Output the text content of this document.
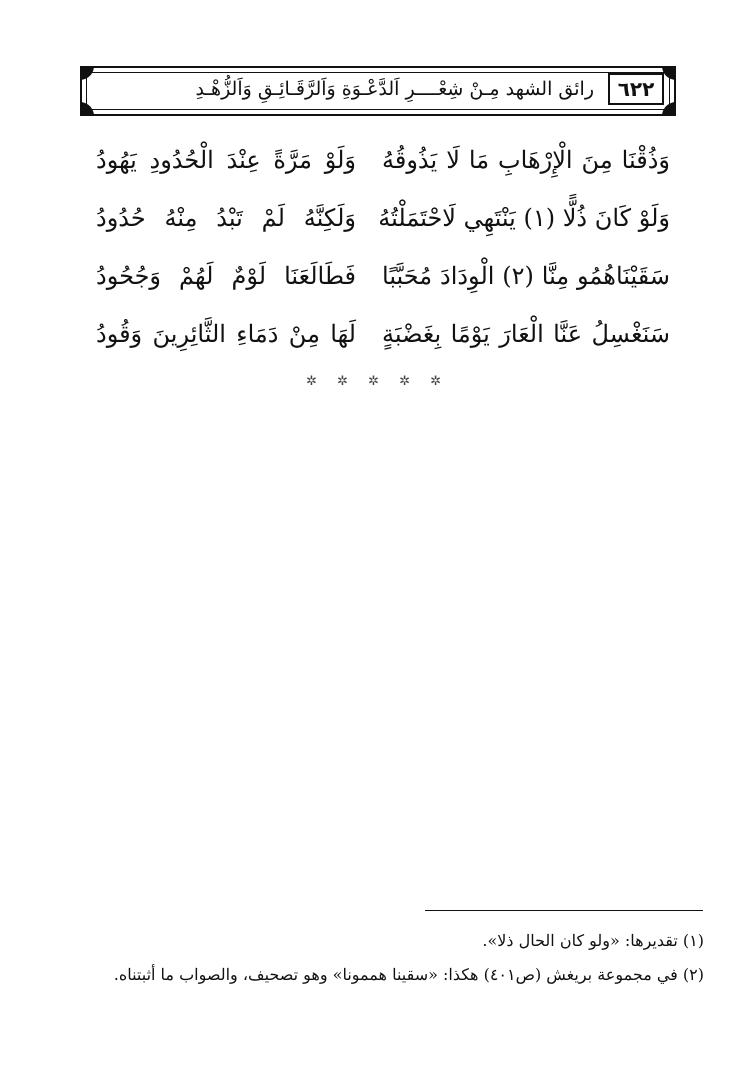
٦٢٢
رائق الشهد مِـنْ شِعْــــرِ اَلدَّعْـوَةِ وَاَلرَّقَـائِـقِ وَاَلزُّهْـدِ
وَذُقْنَا مِنَ الْإِرْهَابِ مَا لَا يَذُوقُهُ
وَلَوْ مَرَّةً عِنْدَ الْحُدُودِ يَهُودُ
وَلَوْ كَانَ ذُلًّا (١) يَنْتَهِي لَاحْتَمَلْتُهُ
وَلَكِنَّهُ لَمْ تَبْدُ مِنْهُ حُدُودُ
سَقَيْنَاهُمُو مِنَّا (٢) الْوِدَادَ مُحَبَّبًا
فَطَالَعَنَا لَوْمٌ لَهُمْ وَجُحُودُ
سَنَغْسِلُ عَنَّا الْعَارَ يَوْمًا بِغَضْبَةٍ
لَهَا مِنْ دَمَاءِ الثَّائِرِينَ وَقُودُ
✲ ✲ ✲ ✲ ✲
(١) تقديرها: «ولو كان الحال ذلا».
(٢) في مجموعة بريغش (ص٤٠١) هكذا: «سقينا هممونا» وهو تصحيف، والصواب ما أثبتناه.
